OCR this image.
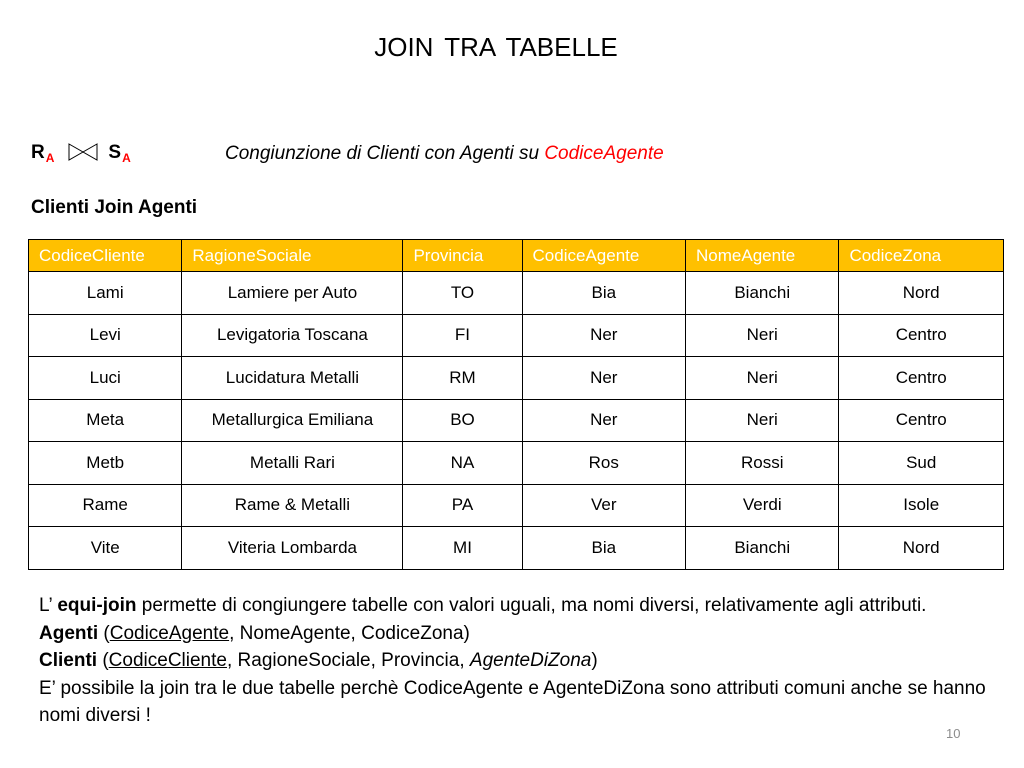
JOIN TRA TABELLE
$R_A$	$S_A$	Congiunzione di Clienti con Agenti su CodiceAgente
Clienti Join Agenti
CodiceCliente	RagioneSociale	Provincia	CodiceAgente	NomeAgente	CodiceZona
Lami	Lamiere per Auto	TO	Bia	Bianchi	Nord
Levi	Levigatoria Toscana	FI	Ner	Neri	Centro
Luci	Lucidatura Metalli	RM	Ner	Neri	Centro
Meta	Metallurgica Emiliana	BO	Ner	Neri	Centro
Metb	Metalli Rari	NA	Ros	Rossi	Sud
Rame	Rame & Metalli	PA	Ver	Verdi	Isole
Vite	Viteria Lombarda	MI	Bia	Bianchi	Nord

L’ equi-join permette di congiungere tabelle con valori uguali, ma nomi diversi, relativamente agli attributi.

Agenti (CodiceAgente, NomeAgente, CodiceZona)

Clienti (CodiceCliente, RagioneSociale, Provincia, AgenteDiZona)

E’ possibile la join tra le due tabelle perchè CodiceAgente e AgenteDiZona sono attributi comuni anche se hanno nomi diversi !

10
